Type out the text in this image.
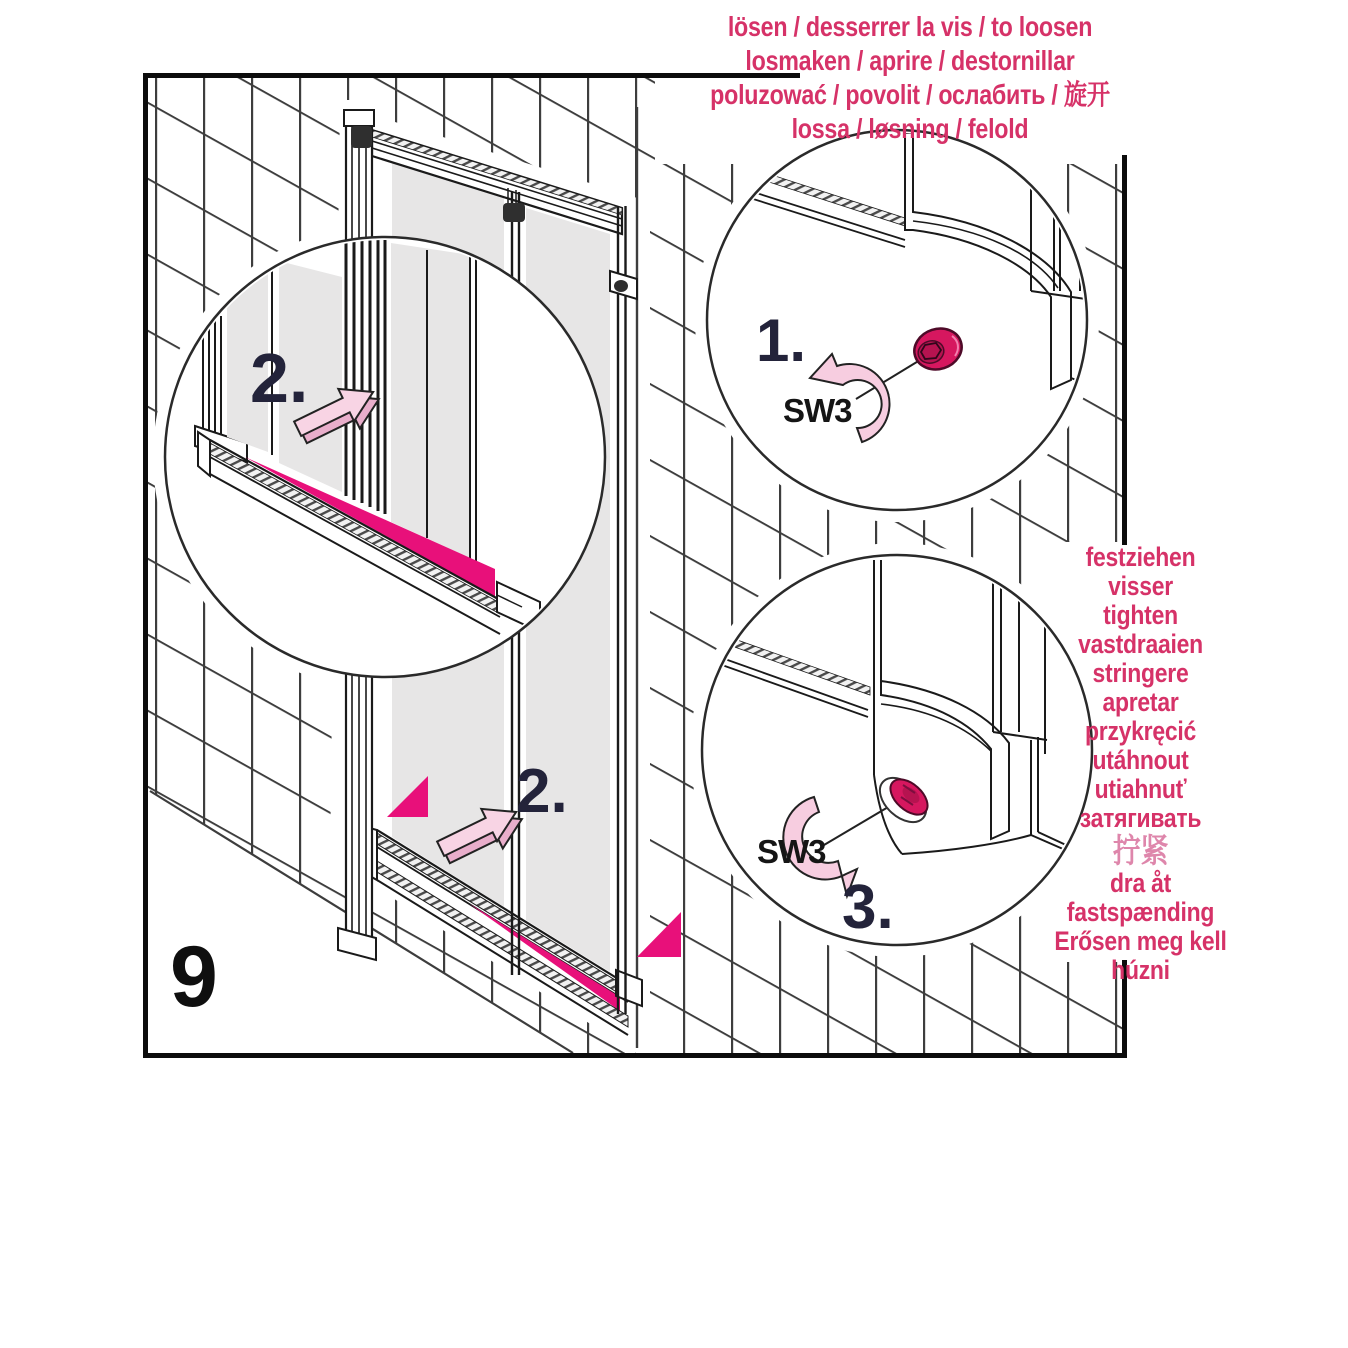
lösen / desserrer la vis / to loosen
losmaken / aprire / destornillar
poluzować / povolit / ослабить / 旋开
lossa / løsning / felold
festziehen
visser
tighten
vastdraaien
stringere
apretar
przykręcić
utáhnout
utiahnuť
затягивать
拧紧
dra åt
fastspænding
Erősen meg kell húzni
1.
2.
2.
3.
SW3
SW3
9
